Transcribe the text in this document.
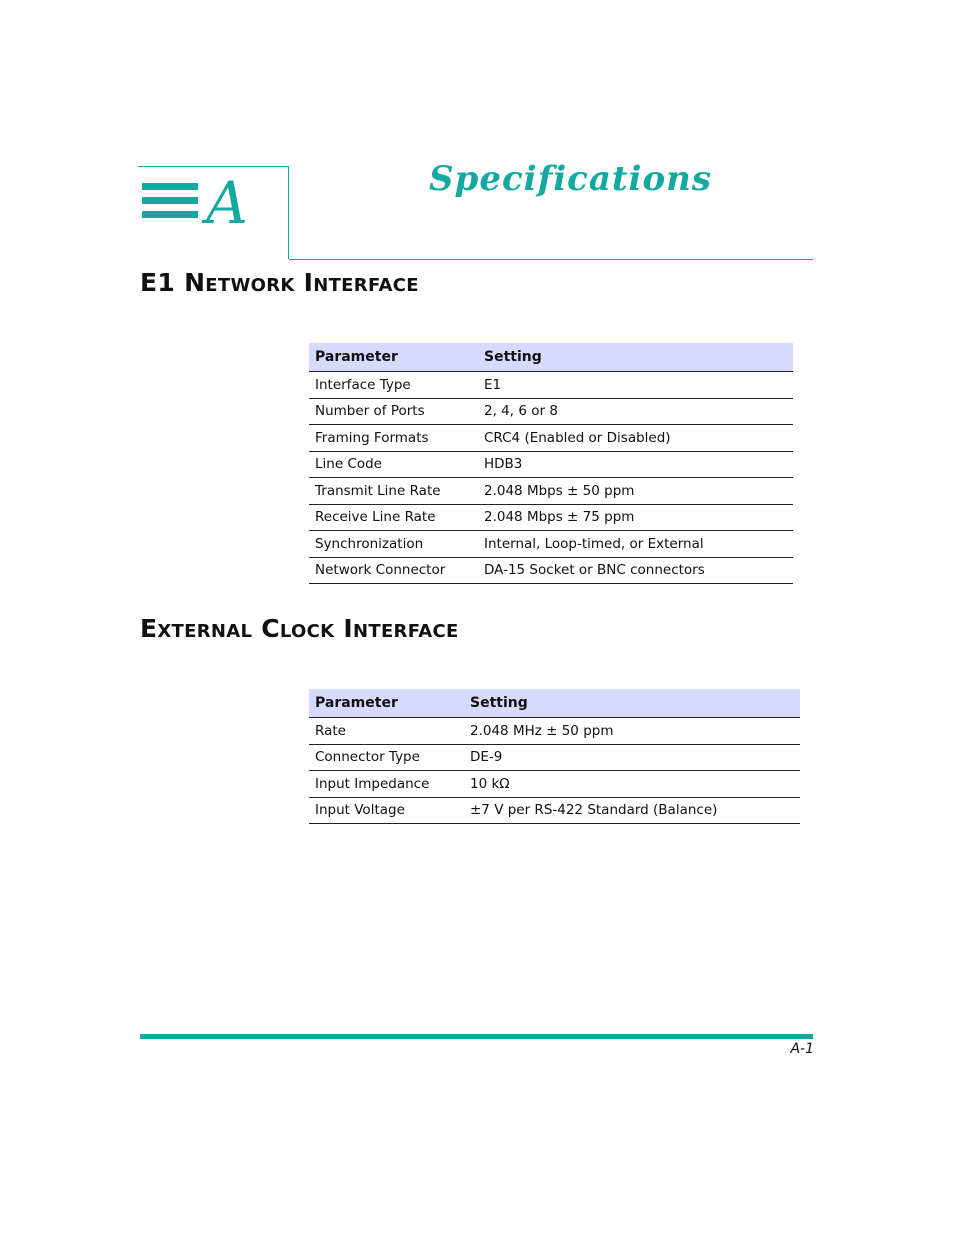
A	Specifications
E1 Network Interface
Parameter	Setting
Interface Type	E1
Number of Ports	2, 4, 6 or 8
Framing Formats	CRC4 (Enabled or Disabled)
Line Code	HDB3
Transmit Line Rate	2.048 Mbps ± 50 ppm
Receive Line Rate	2.048 Mbps ± 75 ppm
Synchronization	Internal, Loop-timed, or External
Network Connector	DA-15 Socket or BNC connectors
External Clock Interface
Parameter	Setting
Rate	2.048 MHz ± 50 ppm
Connector Type	DE-9
Input Impedance	10 kΩ
Input Voltage	±7 V per RS-422 Standard (Balance)
A-1
